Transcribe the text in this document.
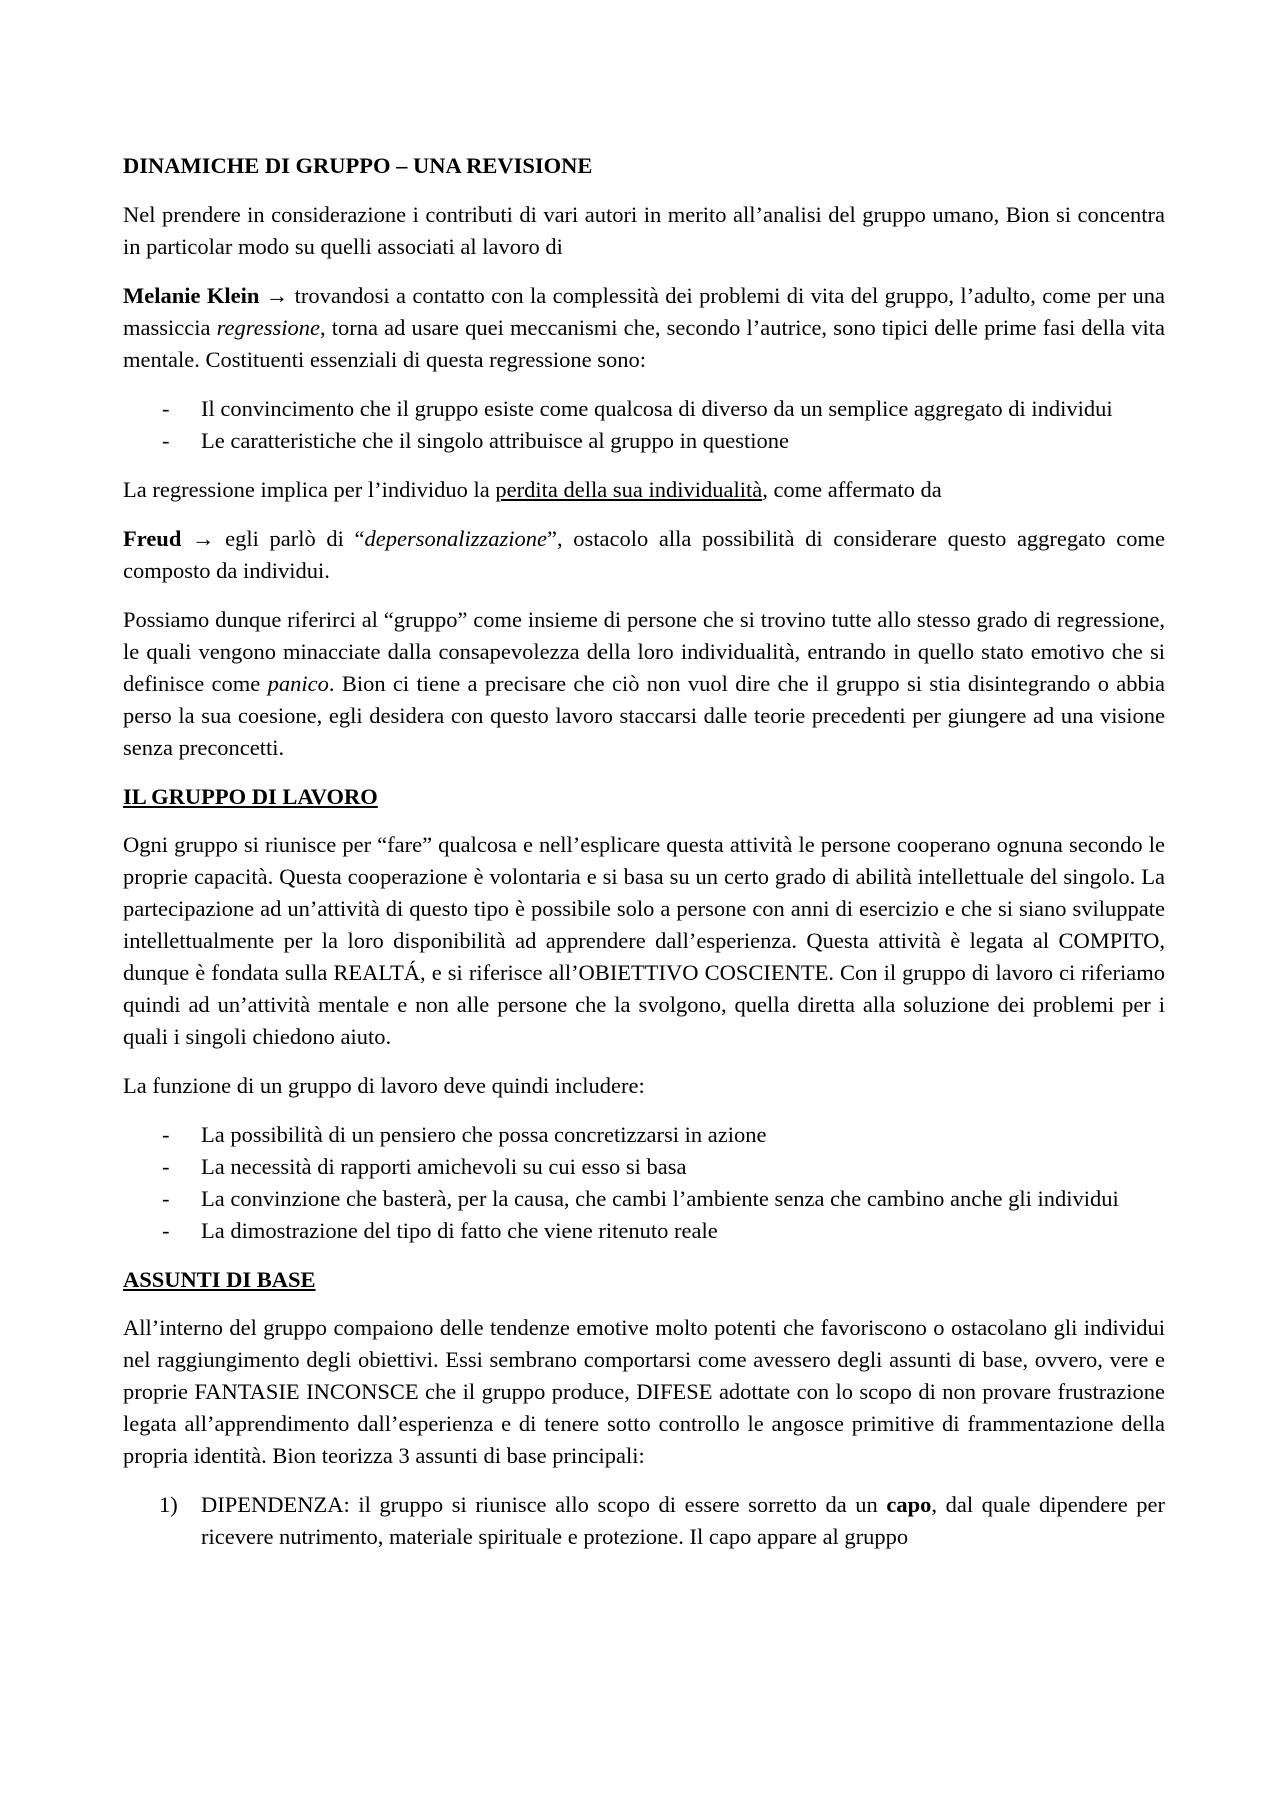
DINAMICHE DI GRUPPO – UNA REVISIONE

Nel prendere in considerazione i contributi di vari autori in merito all’analisi del gruppo umano, Bion si concentra in particolar modo su quelli associati al lavoro di

Melanie Klein → trovandosi a contatto con la complessità dei problemi di vita del gruppo, l’adulto, come per una massiccia regressione, torna ad usare quei meccanismi che, secondo l’autrice, sono tipici delle prime fasi della vita mentale. Costituenti essenziali di questa regressione sono:

- Il convincimento che il gruppo esiste come qualcosa di diverso da un semplice aggregato di individui
- Le caratteristiche che il singolo attribuisce al gruppo in questione

La regressione implica per l’individuo la perdita della sua individualità, come affermato da

Freud → egli parlò di “depersonalizzazione”, ostacolo alla possibilità di considerare questo aggregato come composto da individui.

Possiamo dunque riferirci al “gruppo” come insieme di persone che si trovino tutte allo stesso grado di regressione, le quali vengono minacciate dalla consapevolezza della loro individualità, entrando in quello stato emotivo che si definisce come panico. Bion ci tiene a precisare che ciò non vuol dire che il gruppo si stia disintegrando o abbia perso la sua coesione, egli desidera con questo lavoro staccarsi dalle teorie precedenti per giungere ad una visione senza preconcetti.

IL GRUPPO DI LAVORO

Ogni gruppo si riunisce per “fare” qualcosa e nell’esplicare questa attività le persone cooperano ognuna secondo le proprie capacità. Questa cooperazione è volontaria e si basa su un certo grado di abilità intellettuale del singolo. La partecipazione ad un’attività di questo tipo è possibile solo a persone con anni di esercizio e che si siano sviluppate intellettualmente per la loro disponibilità ad apprendere dall’esperienza. Questa attività è legata al COMPITO, dunque è fondata sulla REALTÁ, e si riferisce all’OBIETTIVO COSCIENTE. Con il gruppo di lavoro ci riferiamo quindi ad un’attività mentale e non alle persone che la svolgono, quella diretta alla soluzione dei problemi per i quali i singoli chiedono aiuto.

La funzione di un gruppo di lavoro deve quindi includere:

- La possibilità di un pensiero che possa concretizzarsi in azione
- La necessità di rapporti amichevoli su cui esso si basa
- La convinzione che basterà, per la causa, che cambi l’ambiente senza che cambino anche gli individui
- La dimostrazione del tipo di fatto che viene ritenuto reale
ASSUNTI DI BASE

All’interno del gruppo compaiono delle tendenze emotive molto potenti che favoriscono o ostacolano gli individui nel raggiungimento degli obiettivi. Essi sembrano comportarsi come avessero degli assunti di base, ovvero, vere e proprie FANTASIE INCONSCE che il gruppo produce, DIFESE adottate con lo scopo di non provare frustrazione legata all’apprendimento dall’esperienza e di tenere sotto controllo le angosce primitive di frammentazione della propria identità. Bion teorizza 3 assunti di base principali:

1) DIPENDENZA: il gruppo si riunisce allo scopo di essere sorretto da un capo, dal quale dipendere per ricevere nutrimento, materiale spirituale e protezione. Il capo appare al gruppo
